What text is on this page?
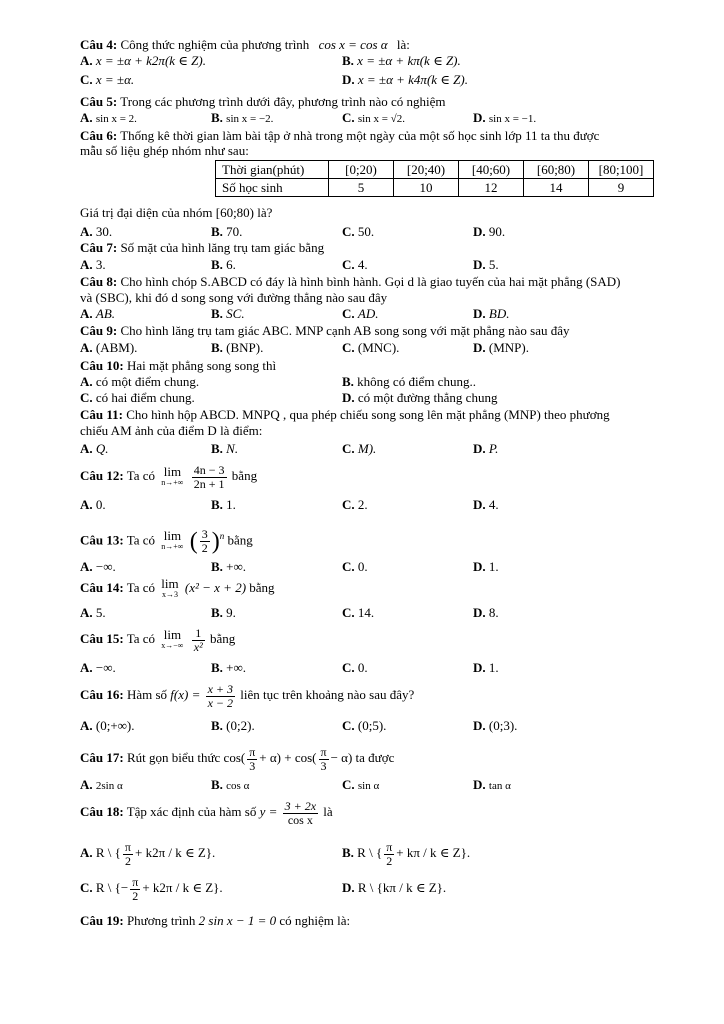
Câu 4: Công thức nghiệm của phương trình cos x = cos α là:
A. x = ±α + k2π(k ∈ Z).	B. x = ±α + kπ(k ∈ Z).
C. x = ±α.	D. x = ±α + k4π(k ∈ Z).
Câu 5: Trong các phương trình dưới đây, phương trình nào có nghiệm
A. sin x = 2.	B. sin x = −2.	C. sin x = √2.	D. sin x = −1.
Câu 6: Thống kê thời gian làm bài tập ở nhà trong một ngày của một số học sinh lớp 11 ta thu được
mẫu số liệu ghép nhóm như sau:
Thời gian(phút)	[0;20)	[20;40)	[40;60)	[60;80)	[80;100]
Số học sinh	5	10	12	14	9
Giá trị đại diện của nhóm [60;80) là?
A. 30.	B. 70.	C. 50.	D. 90.
Câu 7: Số mặt của hình lăng trụ tam giác bằng
A. 3.	B. 6.	C. 4.	D. 5.
Câu 8: Cho hình chóp S.ABCD có đáy là hình bình hành. Gọi d là giao tuyến của hai mặt phẳng (SAD)
và (SBC), khi đó d song song với đường thẳng nào sau đây
A. AB.	B. SC.	C. AD.	D. BD.
Câu 9: Cho hình lăng trụ tam giác ABC. MNP cạnh AB song song với mặt phẳng nào sau đây
A. (ABM).	B. (BNP).	C. (MNC).	D. (MNP).
Câu 10: Hai mặt phẳng song song thì
A. có một điểm chung.	B. không có điểm chung..
C. có hai điểm chung.	D. có một đường thẳng chung
Câu 11: Cho hình hộp ABCD. MNPQ , qua phép chiếu song song lên mặt phẳng (MNP) theo phương
chiếu AM ảnh của điểm D là điểm:
A. Q.	B. N.	C. M).	D. P.
Câu 12: Ta có lim
n→+∞
$\frac{4n - 3}{2n + 1}$ bằng
A. 0.	B. 1.	C. 2.	D. 4.
Câu 13: Ta có lim
n→+∞ ( $\frac{3}{2} )^n$ bằng
A. −∞.	B. +∞.	C. 0.	D. 1.
Câu 14: Ta có lim
x→3 (x² − x + 2) bằng
A. 5.	B. 9.	C. 14.	D. 8.
Câu 15: Ta có lim
x→−∞
$\frac{1}{\text{x²}}$ bằng
A. −∞.	B. +∞.	C. 0.	D. 1.
Câu 16: Hàm số $f(x) = \frac{x + 3}{x - 2}$ liên tục trên khoảng nào sau đây?
A. (0;+∞).	B. (0;2).	C. (0;5).	D. (0;3).
Câu 17: Rút gọn biểu thức $\cos( \frac{\pi}{3} + \alpha) + \cos( \frac{\pi}{3} - \alpha)$ ta được
A. 2sin α	B. cos α	C. sin α	D. tan α
Câu 18: Tập xác định của hàm số $y = \frac{3 + 2x}{\text{cos x}}$ là
A. R \ { $\frac{\pi}{2} + k2\pi / k$ ∈ Z}.	B. R \ { $\frac{\pi}{2} + k\pi / k$ ∈ Z}.
C. R \ {− $\frac{\pi}{2} + k2\pi / k$ ∈ Z}.	D. R \ {kπ / k ∈ Z}.
Câu 19: Phương trình 2 sin x − 1 = 0 có nghiệm là:
